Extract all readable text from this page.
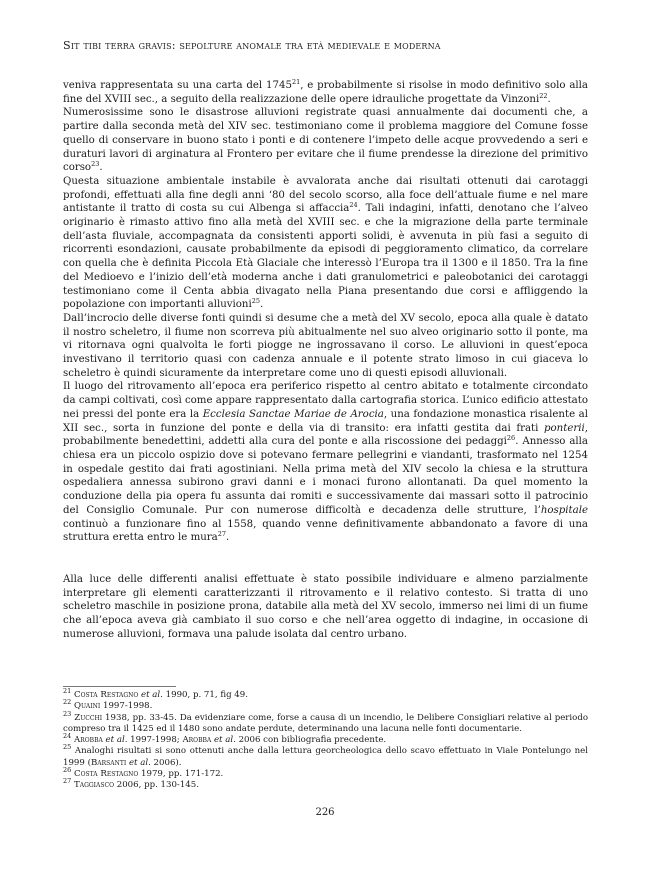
Sit tibi terra gravis: sepolture anomale tra età medievale e moderna

veniva rappresentata su una carta del 1745$^{21}$, e probabilmente si risolse in modo definitivo solo alla fine del XVIII sec., a seguito della realizzazione delle opere idrauliche progettate da Vinzoni$^{22}$.

Numerosissime sono le disastrose alluvioni registrate quasi annualmente dai documenti che, a partire dalla seconda metà del XIV sec. testimoniano come il problema maggiore del Comune fosse quello di conservare in buono stato i ponti e di contenere l’impeto delle acque provvedendo a seri e duraturi lavori di arginatura al Frontero per evitare che il fiume prendesse la direzione del primitivo corso$^{23}$.

Questa situazione ambientale instabile è avvalorata anche dai risultati ottenuti dai carotaggi profondi, effettuati alla fine degli anni ‘80 del secolo scorso, alla foce dell’attuale fiume e nel mare antistante il tratto di costa su cui Albenga si affaccia$^{24}$. Tali indagini, infatti, denotano che l’alveo originario è rimasto attivo fino alla metà del XVIII sec. e che la migrazione della parte terminale dell’asta fluviale, accompagnata da consistenti apporti solidi, è avvenuta in più fasi a seguito di ricorrenti esondazioni, causate probabilmente da episodi di peggioramento climatico, da correlare con quella che è definita Piccola Età Glaciale che interessò l’Europa tra il 1300 e il 1850. Tra la fine del Medioevo e l’inizio dell’età moderna anche i dati granulometrici e paleobotanici dei carotaggi testimoniano come il Centa abbia divagato nella Piana presentando due corsi e affliggendo la popolazione con importanti alluvioni$^{25}$.

Dall’incrocio delle diverse fonti quindi si desume che a metà del XV secolo, epoca alla quale è datato il nostro scheletro, il fiume non scorreva più abitualmente nel suo alveo originario sotto il ponte, ma vi ritornava ogni qualvolta le forti piogge ne ingrossavano il corso. Le alluvioni in quest’epoca investivano il territorio quasi con cadenza annuale e il potente strato limoso in cui giaceva lo scheletro è quindi sicuramente da interpretare come uno di questi episodi alluvionali.

Il luogo del ritrovamento all’epoca era periferico rispetto al centro abitato e totalmente circondato da campi coltivati, così come appare rappresentato dalla cartografia storica. L’unico edificio attestato nei pressi del ponte era la Ecclesia Sanctae Mariae de Arocia, una fondazione monastica risalente al XII sec., sorta in funzione del ponte e della via di transito: era infatti gestita dai frati ponterii, probabilmente benedettini, addetti alla cura del ponte e alla riscossione dei pedaggi$^{26}$. Annesso alla chiesa era un piccolo ospizio dove si potevano fermare pellegrini e viandanti, trasformato nel 1254 in ospedale gestito dai frati agostiniani. Nella prima metà del XIV secolo la chiesa e la struttura ospedaliera annessa subirono gravi danni e i monaci furono allontanati. Da quel momento la conduzione della pia opera fu assunta dai romiti e successivamente dai massari sotto il patrocinio del Consiglio Comunale. Pur con numerose difficoltà e decadenza delle strutture, l’hospitale continuò a funzionare fino al 1558, quando venne definitivamente abbandonato a favore di una struttura eretta entro le mura$^{27}$.

Alla luce delle differenti analisi effettuate è stato possibile individuare e almeno parzialmente interpretare gli elementi caratterizzanti il ritrovamento e il relativo contesto. Si tratta di uno scheletro maschile in posizione prona, databile alla metà del XV secolo, immerso nei limi di un fiume che all’epoca aveva già cambiato il suo corso e che nell’area oggetto di indagine, in occasione di numerose alluvioni, formava una palude isolata dal centro urbano.

$^{21}$ Costa Restagno et al. 1990, p. 71, fig 49.

$^{22}$ Quaini 1997-1998.

$^{23}$ Zucchi 1938, pp. 33-45. Da evidenziare come, forse a causa di un incendio, le Delibere Consigliari relative al periodo compreso tra il 1425 ed il 1480 sono andate perdute, determinando una lacuna nelle fonti documentarie.

$^{24}$ Arobba et al. 1997-1998; Arobba et al. 2006 con bibliografia precedente.

$^{25}$ Analoghi risultati si sono ottenuti anche dalla lettura georcheologica dello scavo effettuato in Viale Pontelungo nel 1999 (Barsanti et al. 2006).

$^{26}$ Costa Restagno 1979, pp. 171-172.

$^{27}$ Taggiasco 2006, pp. 130-145.

226
